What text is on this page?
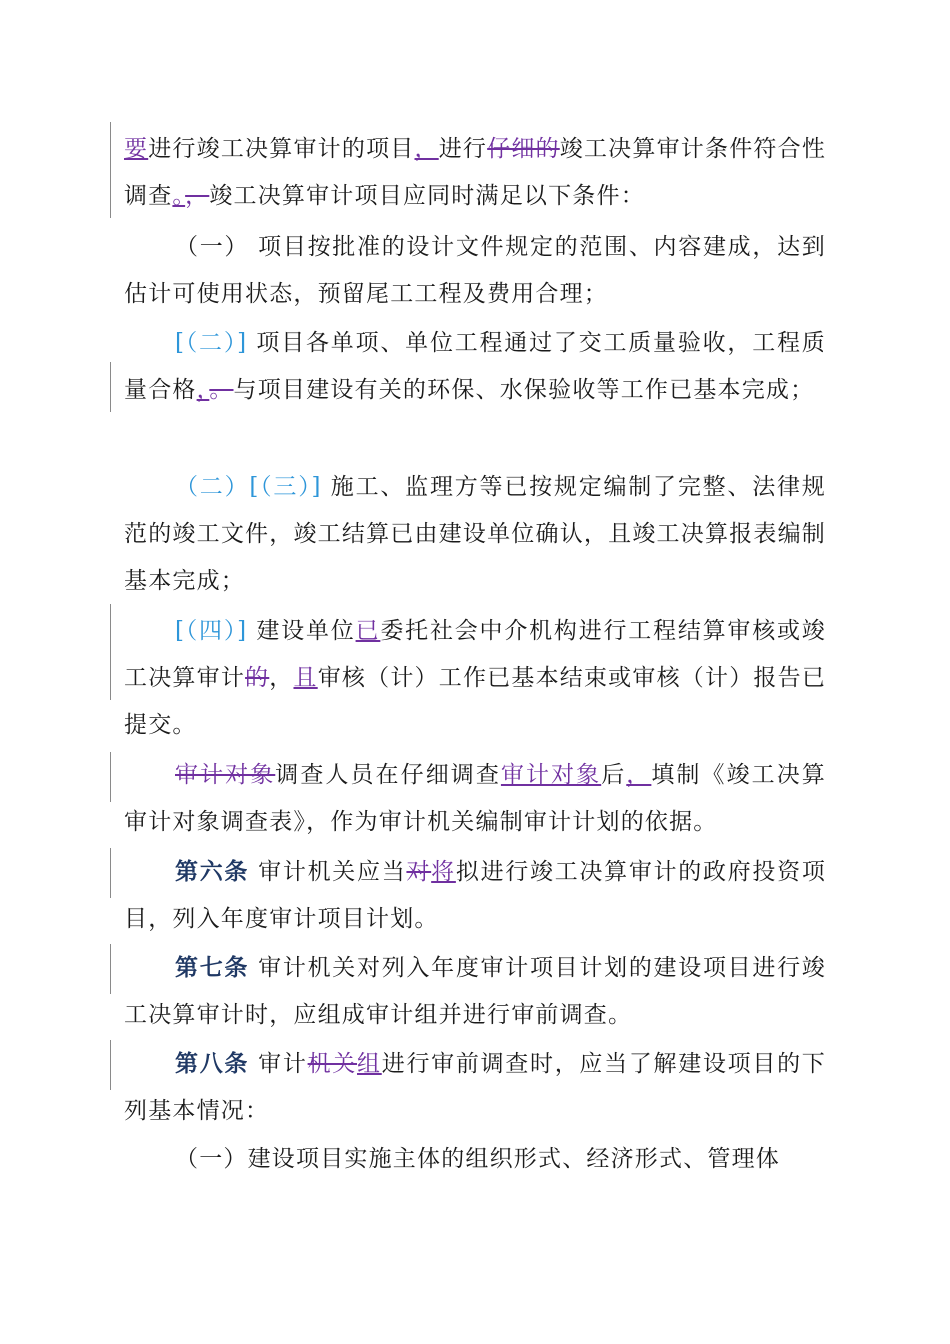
要进行竣工决算审计的项目，进行仔细的竣工决算审计条件符合性调查。，竣工决算审计项目应同时满足以下条件：

（一） 项目按批准的设计文件规定的范围、内容建成，达到估计可使用状态，预留尾工工程及费用合理；

[（二）] 项目各单项、单位工程通过了交工质量验收，工程质量合格，。与项目建设有关的环保、水保验收等工作已基本完成；

（二）[（三）] 施工、监理方等已按规定编制了完整、法律规范的竣工文件，竣工结算已由建设单位确认，且竣工决算报表编制基本完成；

[（四）] 建设单位已委托社会中介机构进行工程结算审核或竣工决算审计的，且审核（计）工作已基本结束或审核（计）报告已提交。

审计对象调查人员在仔细调查审计对象后，填制《竣工决算审计对象调查表》，作为审计机关编制审计计划的依据。

第六条 审计机关应当对将拟进行竣工决算审计的政府投资项目，列入年度审计项目计划。

第七条 审计机关对列入年度审计项目计划的建设项目进行竣工决算审计时，应组成审计组并进行审前调查。

第八条 审计机关组进行审前调查时，应当了解建设项目的下列基本情况：

（一）建设项目实施主体的组织形式、经济形式、管理体
